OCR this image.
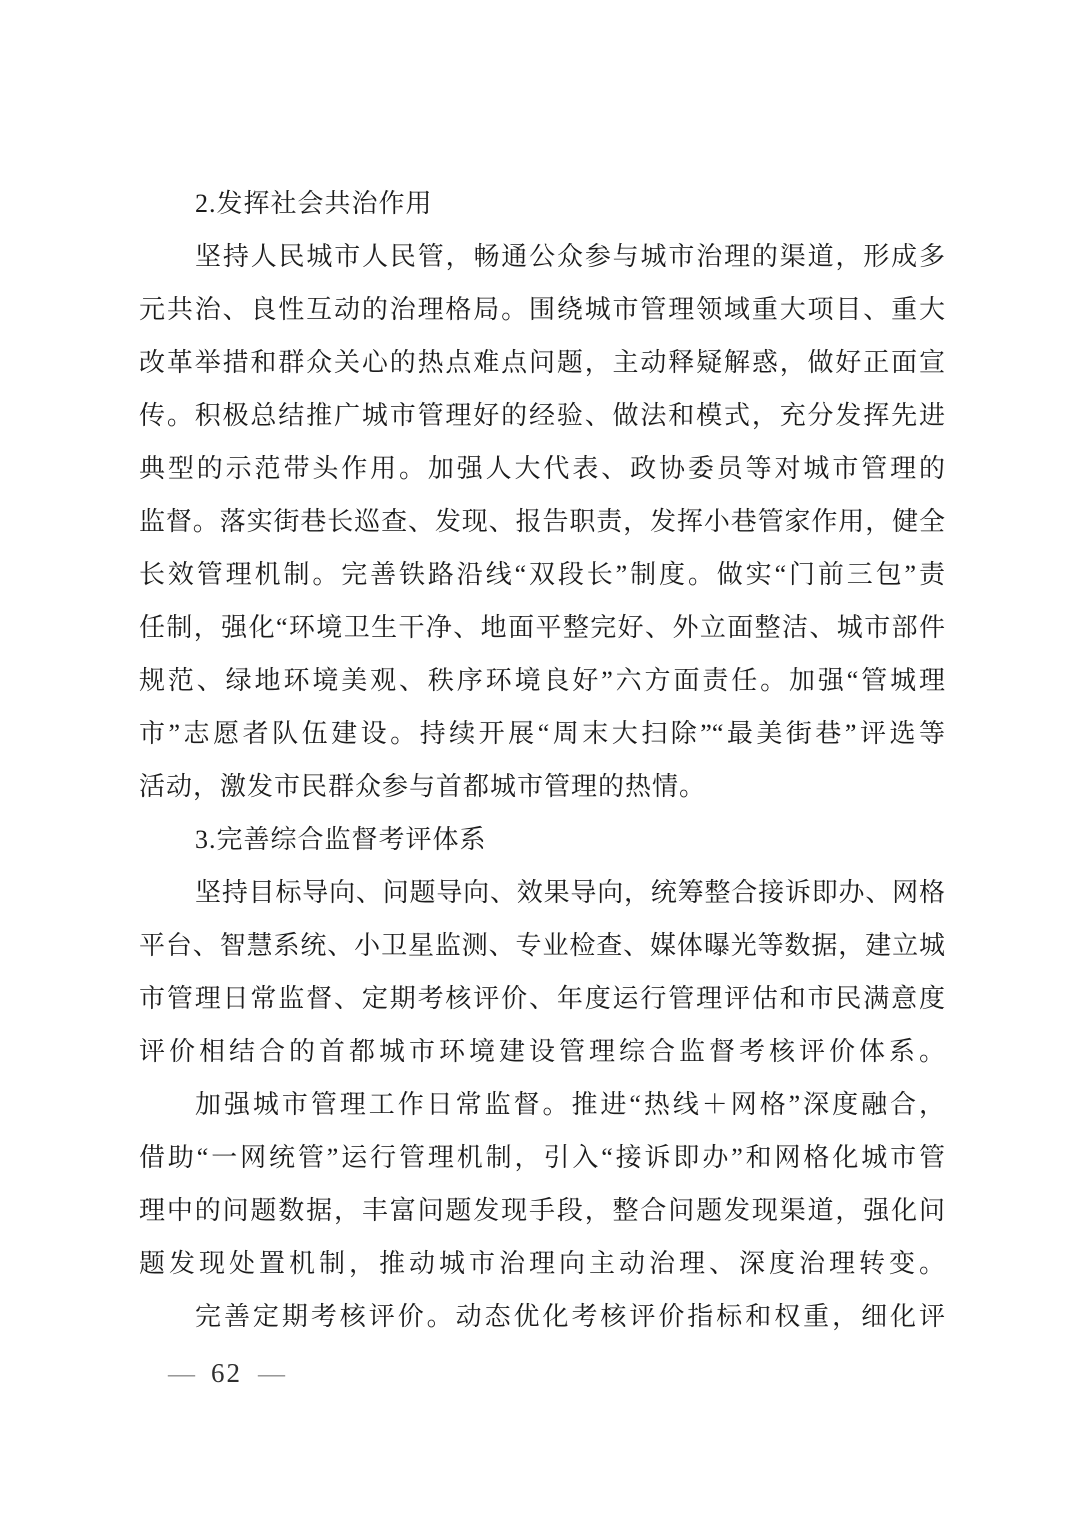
2.发挥社会共治作用
坚持人民城市人民管，畅通公众参与城市治理的渠道，形成多
元共治、良性互动的治理格局。围绕城市管理领域重大项目、重大
改革举措和群众关心的热点难点问题，主动释疑解惑，做好正面宣
传。积极总结推广城市管理好的经验、做法和模式，充分发挥先进
典型的示范带头作用。加强人大代表、政协委员等对城市管理的
监督。落实街巷长巡查、发现、报告职责，发挥小巷管家作用，健全
长效管理机制。完善铁路沿线“双段长”制度。做实“门前三包”责
任制，强化“环境卫生干净、地面平整完好、外立面整洁、城市部件
规范、绿地环境美观、秩序环境良好”六方面责任。加强“管城理
市”志愿者队伍建设。持续开展“周末大扫除”“最美街巷”评选等
活动，激发市民群众参与首都城市管理的热情。
3.完善综合监督考评体系
坚持目标导向、问题导向、效果导向，统筹整合接诉即办、网格
平台、智慧系统、小卫星监测、专业检查、媒体曝光等数据，建立城
市管理日常监督、定期考核评价、年度运行管理评估和市民满意度
评价相结合的首都城市环境建设管理综合监督考核评价体系。
加强城市管理工作日常监督。推进“热线＋网格”深度融合，
借助“一网统管”运行管理机制，引入“接诉即办”和网格化城市管
理中的问题数据，丰富问题发现手段，整合问题发现渠道，强化问
题发现处置机制，推动城市治理向主动治理、深度治理转变。
完善定期考核评价。动态优化考核评价指标和权重，细化评
— 62 —
